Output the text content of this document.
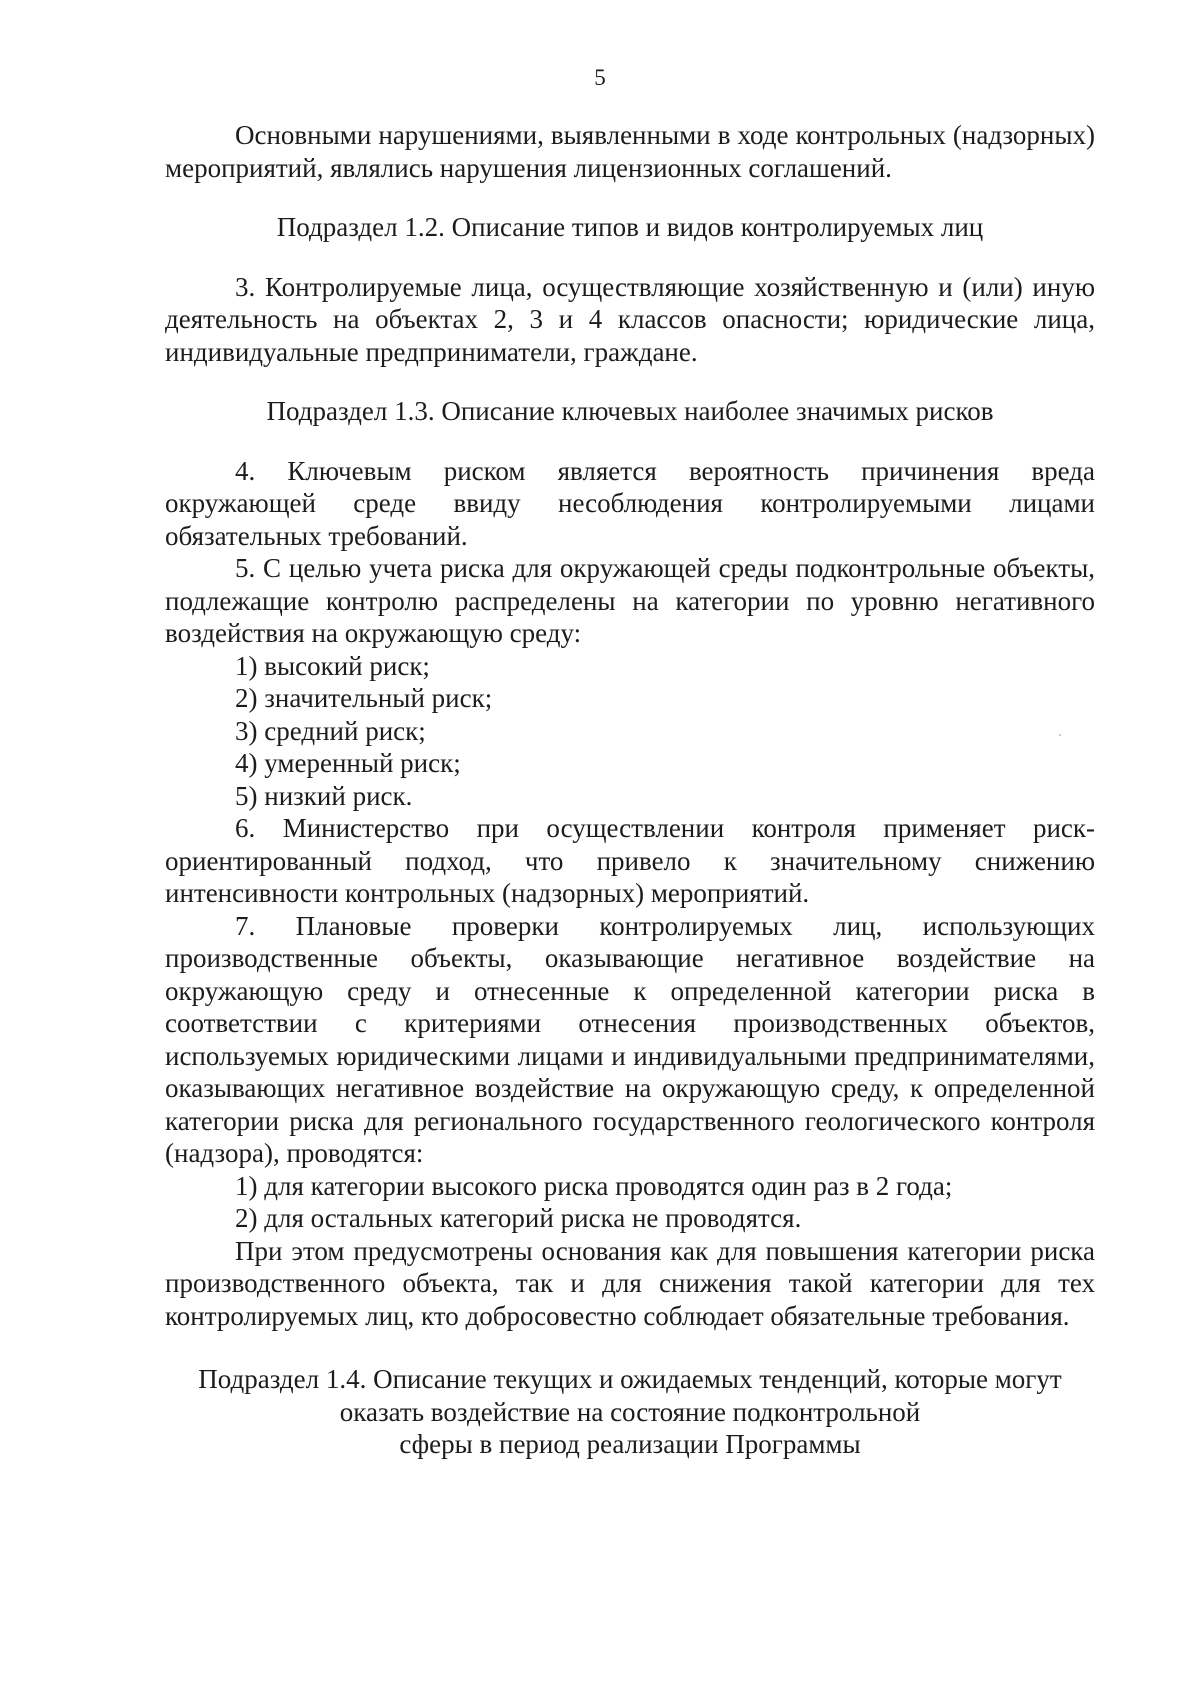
5

Основными нарушениями, выявленными в ходе контрольных (надзорных) мероприятий, являлись нарушения лицензионных соглашений.

Подраздел 1.2. Описание типов и видов контролируемых лиц

3. Контролируемые лица, осуществляющие хозяйственную и (или) иную деятельность на объектах 2, 3 и 4 классов опасности; юридические лица, индивидуальные предприниматели, граждане.

Подраздел 1.3. Описание ключевых наиболее значимых рисков

4. Ключевым риском является вероятность причинения вреда окружающей среде ввиду несоблюдения контролируемыми лицами обязательных требований.

5. С целью учета риска для окружающей среды подконтрольные объекты, подлежащие контролю распределены на категории по уровню негативного воздействия на окружающую среду:

1) высокий риск;

2) значительный риск;

3) средний риск;

4) умеренный риск;

5) низкий риск.

6. Министерство при осуществлении контроля применяет риск-ориентированный подход, что привело к значительному снижению интенсивности контрольных (надзорных) мероприятий.

7. Плановые проверки контролируемых лиц, использующих производственные объекты, оказывающие негативное воздействие на окружающую среду и отнесенные к определенной категории риска в соответствии с критериями отнесения производственных объектов, используемых юридическими лицами и индивидуальными предпринимателями, оказывающих негативное воздействие на окружающую среду, к определенной категории риска для регионального государственного геологического контроля (надзора), проводятся:

1) для категории высокого риска проводятся один раз в 2 года;

2) для остальных категорий риска не проводятся.

При этом предусмотрены основания как для повышения категории риска производственного объекта, так и для снижения такой категории для тех контролируемых лиц, кто добросовестно соблюдает обязательные требования.

Подраздел 1.4. Описание текущих и ожидаемых тенденций, которые могут
оказать воздействие на состояние подконтрольной
сферы в период реализации Программы
